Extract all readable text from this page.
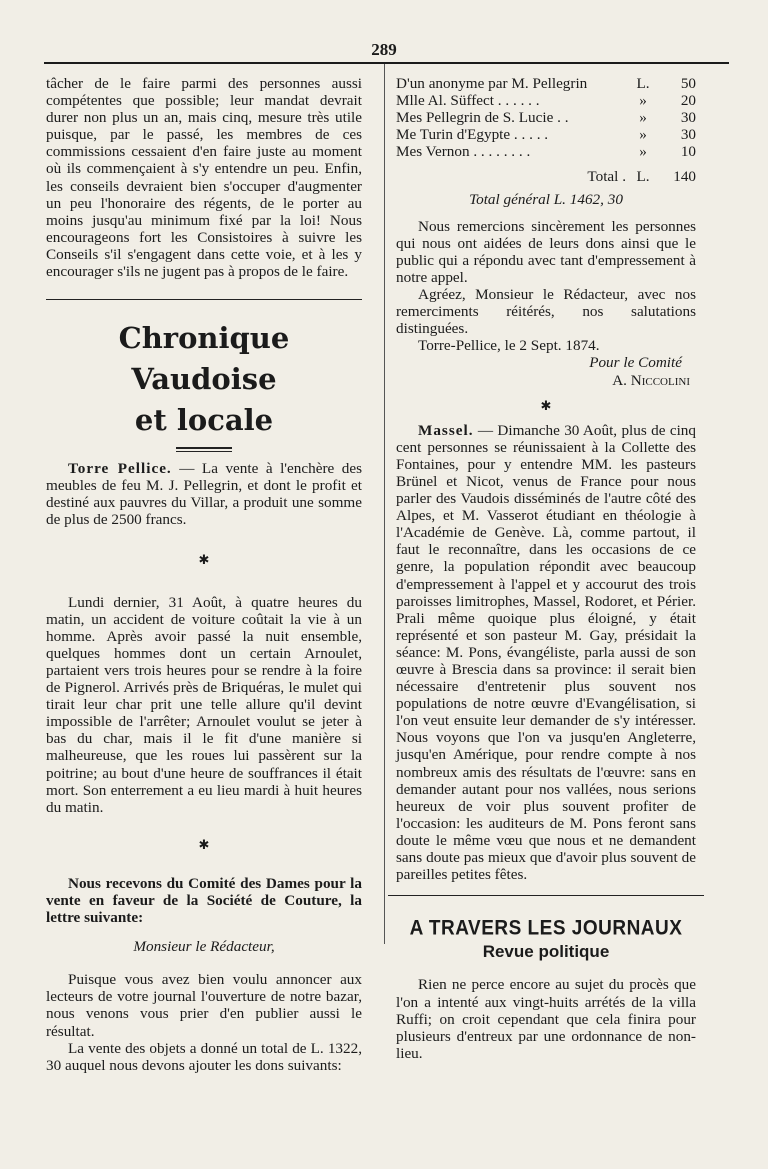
289

tâcher de le faire parmi des personnes aussi compétentes que possible; leur mandat devrait durer non plus un an, mais cinq, mesure très utile puisque, par le passé, les membres de ces commissions cessaient d'en faire juste au moment où ils commençaient à s'y entendre un peu. Enfin, les conseils devraient bien s'occuper d'augmenter un peu l'honoraire des régents, de le porter au moins jusqu'au minimum fixé par la loi! Nous encourageons fort les Consistoires à suivre les Conseils s'il s'engagent dans cette voie, et à les y encourager s'ils ne jugent pas à propos de le faire.

Chronique Vaudoise
et locale

Torre Pellice. — La vente à l'enchère des meubles de feu M. J. Pellegrin, et dont le profit et destiné aux pauvres du Villar, a produit une somme de plus de 2500 francs.

✱

Lundi dernier, 31 Août, à quatre heures du matin, un accident de voiture coûtait la vie à un homme. Après avoir passé la nuit ensemble, quelques hommes dont un certain Arnoulet, partaient vers trois heures pour se rendre à la foire de Pignerol. Arrivés près de Briquéras, le mulet qui tirait leur char prit une telle allure qu'il devint impossible de l'arrêter; Arnoulet voulut se jeter à bas du char, mais il le fit d'une manière si malheureuse, que les roues lui passèrent sur la poitrine; au bout d'une heure de souffrances il était mort. Son enterrement a eu lieu mardi à huit heures du matin.

✱

Nous recevons du Comité des Dames pour la vente en faveur de la Société de Couture, la lettre suivante:

Monsieur le Rédacteur,

Puisque vous avez bien voulu annoncer aux lecteurs de votre journal l'ouverture de notre bazar, nous venons vous prier d'en publier aussi le résultat.

La vente des objets a donné un total de L. 1322, 30 auquel nous devons ajouter les dons suivants:

D'un anonyme par M. Pellegrin	L.	50
Mlle Al. Süffect . . . . . .	»	20
Mes Pellegrin de S. Lucie . .	»	30
Me Turin d'Egypte . . . . .	»	30
Mes Vernon . . . . . . . .	»	10
Total . L.	140

Total général L. 1462, 30

Nous remercions sincèrement les personnes qui nous ont aidées de leurs dons ainsi que le public qui a répondu avec tant d'empressement à notre appel.

Agréez, Monsieur le Rédacteur, avec nos remerciments réitérés, nos salutations distinguées.

Torre-Pellice, le 2 Sept. 1874.

Pour le Comité

A. Niccolini

✱

Massel. — Dimanche 30 Août, plus de cinq cent personnes se réunissaient à la Collette des Fontaines, pour y entendre MM. les pasteurs Brünel et Nicot, venus de France pour nous parler des Vaudois disséminés de l'autre côté des Alpes, et M. Vasserot étudiant en théologie à l'Académie de Genève. Là, comme partout, il faut le reconnaître, dans les occasions de ce genre, la population répondit avec beaucoup d'empressement à l'appel et y accourut des trois paroisses limitrophes, Massel, Rodoret, et Périer. Prali même quoique plus éloigné, y était représenté et son pasteur M. Gay, présidait la séance: M. Pons, évangéliste, parla aussi de son œuvre à Brescia dans sa province: il serait bien nécessaire d'entretenir plus souvent nos populations de notre œuvre d'Evangélisation, si l'on veut ensuite leur demander de s'y intéresser. Nous voyons que l'on va jusqu'en Angleterre, jusqu'en Amérique, pour rendre compte à nos nombreux amis des résultats de l'œuvre: sans en demander autant pour nos vallées, nous serions heureux de voir plus souvent profiter de l'occasion: les auditeurs de M. Pons feront sans doute le même vœu que nous et ne demandent sans doute pas mieux que d'avoir plus souvent de pareilles petites fêtes.

A TRAVERS LES JOURNAUX
Revue politique

Rien ne perce encore au sujet du procès que l'on a intenté aux vingt-huits arrétés de la villa Ruffi; on croit cependant que cela finira pour plusieurs d'entreux par une ordonnance de non-lieu.
